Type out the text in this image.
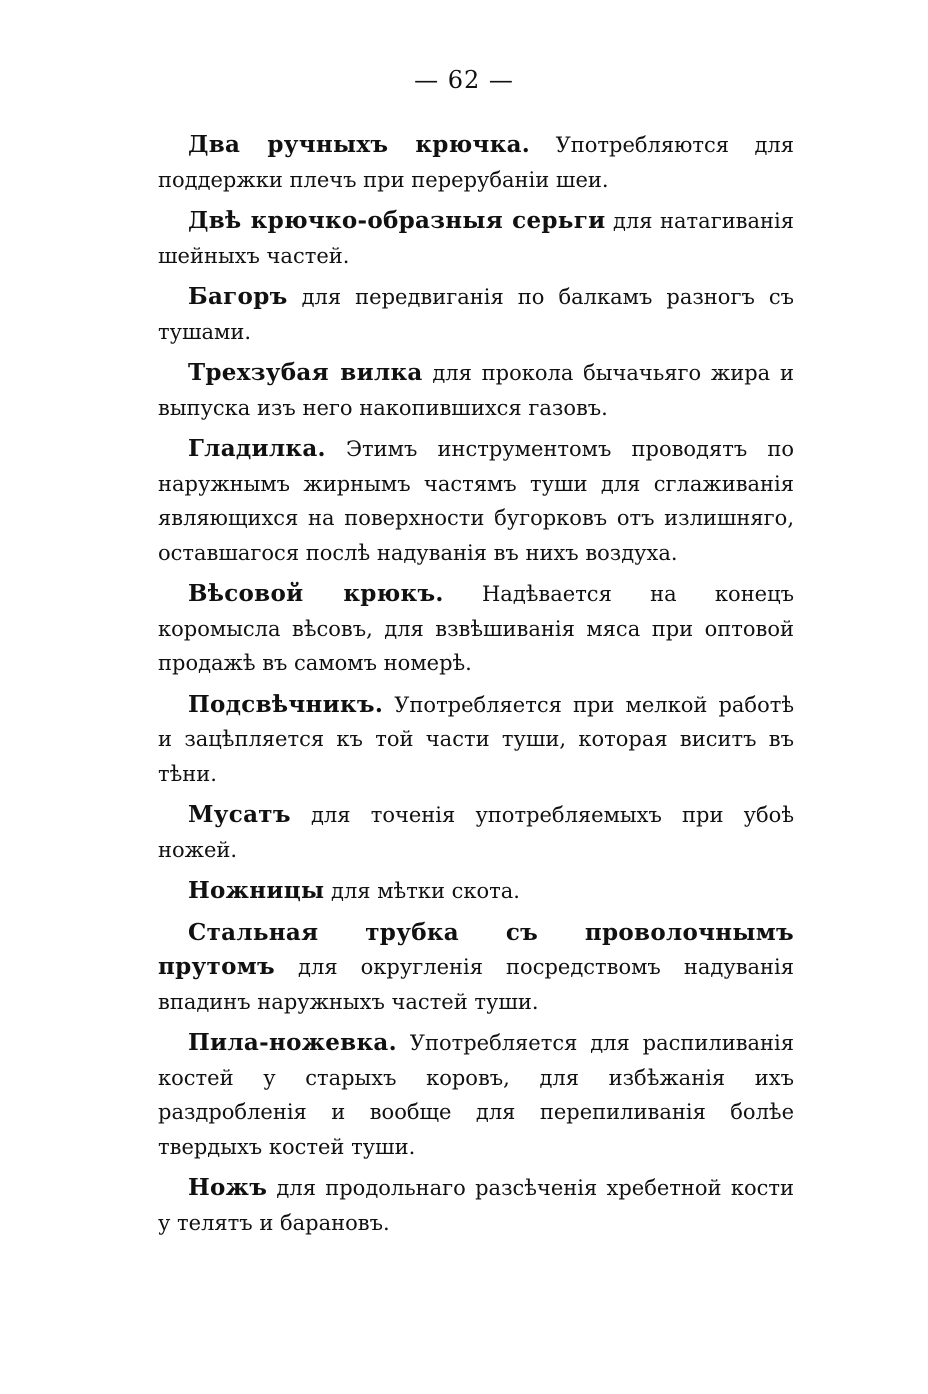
— 62 —

Два ручныхъ крючка. Употребляются для поддержки плечъ при перерубаніи шеи.

Двѣ крючко-образныя серьги для натагиванія шейныхъ частей.

Багоръ для передвиганія по балкамъ разногъ съ тушами.

Трехзубая вилка для прокола бычачьяго жира и выпуска изъ него накопившихся газовъ.

Гладилка. Этимъ инструментомъ проводятъ по наружнымъ жирнымъ частямъ туши для сглаживанія являющихся на поверхности бугорковъ отъ излишняго, оставшагося послѣ надуванія въ нихъ воздуха.

Вѣсовой крюкъ. Надѣвается на конецъ коромысла вѣсовъ, для взвѣшиванія мяса при оптовой продажѣ въ самомъ номерѣ.

Подсвѣчникъ. Употребляется при мелкой работѣ и зацѣпляется къ той части туши, которая виситъ въ тѣни.

Мусатъ для точенія употребляемыхъ при убоѣ ножей.

Ножницы для мѣтки скота.

Стальная трубка съ проволочнымъ прутомъ для округленія посредствомъ надуванія впадинъ наружныхъ частей туши.

Пила-ножевка. Употребляется для распиливанія костей у старыхъ коровъ, для избѣжанія ихъ раздробленія и вообще для перепиливанія болѣе твердыхъ костей туши.

Ножъ для продольнаго разсѣченія хребетной кости у телятъ и барановъ.
